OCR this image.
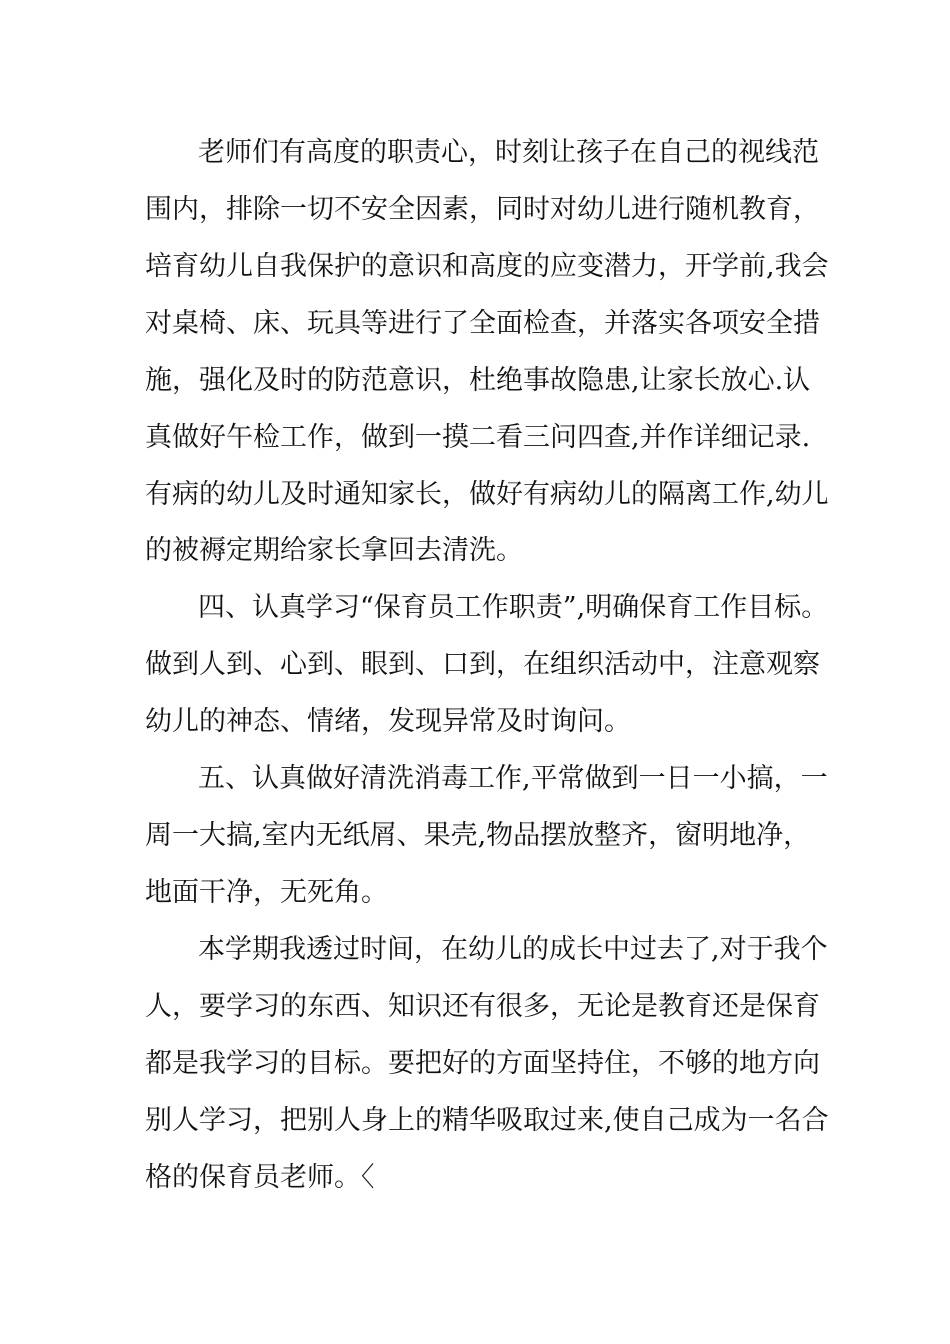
老师们有高度的职责心，时刻让孩子在自己的视线范

围内，排除一切不安全因素，同时对幼儿进行随机教育，

培育幼儿自我保护的意识和高度的应变潜力，开学前,我会

对桌椅、床、玩具等进行了全面检查，并落实各项安全措

施，强化及时的防范意识，杜绝事故隐患,让家长放心.认

真做好午检工作，做到一摸二看三问四查,并作详细记录.

有病的幼儿及时通知家长，做好有病幼儿的隔离工作,幼儿

的被褥定期给家长拿回去清洗。

四、认真学习“保育员工作职责”,明确保育工作目标。

做到人到、心到、眼到、口到，在组织活动中，注意观察

幼儿的神态、情绪，发现异常及时询问。

五、认真做好清洗消毒工作,平常做到一日一小搞，一

周一大搞,室内无纸屑、果壳,物品摆放整齐，窗明地净，

地面干净，无死角。

本学期我透过时间，在幼儿的成长中过去了,对于我个

人，要学习的东西、知识还有很多，无论是教育还是保育

都是我学习的目标。要把好的方面坚持住，不够的地方向

别人学习，把别人身上的精华吸取过来,使自己成为一名合

格的保育员老师。〈
